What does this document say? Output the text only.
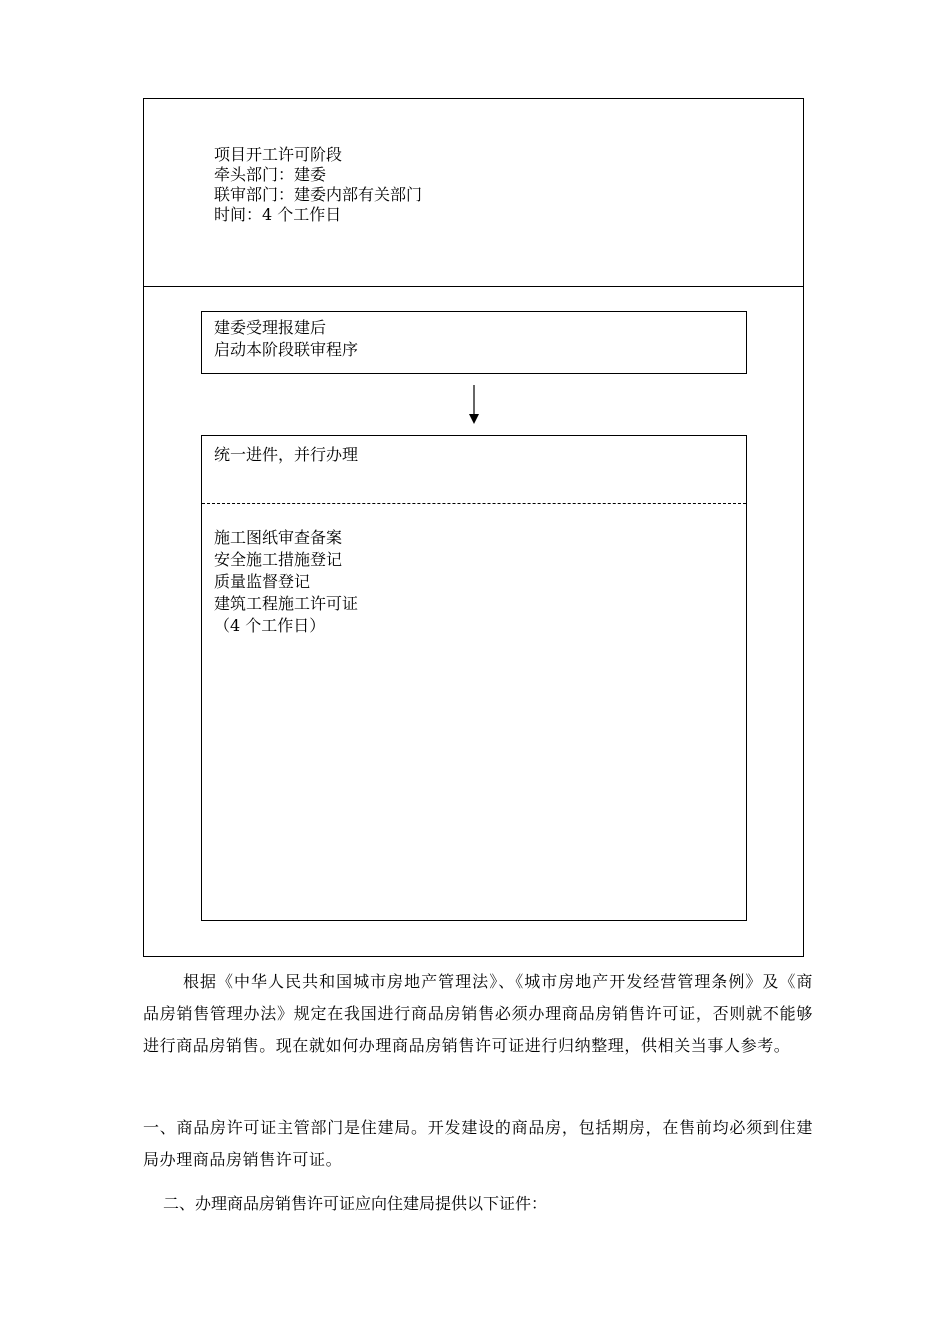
项目开工许可阶段
牵头部门：建委
联审部门：建委内部有关部门
时间：4 个工作日
建委受理报建后
启动本阶段联审程序
统一进件，并行办理
施工图纸审查备案
安全施工措施登记
质量监督登记
建筑工程施工许可证
（4 个工作日）

根据《中华人民共和国城市房地产管理法》、《城市房地产开发经营管理条例》及《商品房销售管理办法》规定在我国进行商品房销售必须办理商品房销售许可证，否则就不能够进行商品房销售。现在就如何办理商品房销售许可证进行归纳整理，供相关当事人参考。

一、商品房许可证主管部门是住建局。开发建设的商品房，包括期房，在售前均必须到住建局办理商品房销售许可证。

二、办理商品房销售许可证应向住建局提供以下证件：
